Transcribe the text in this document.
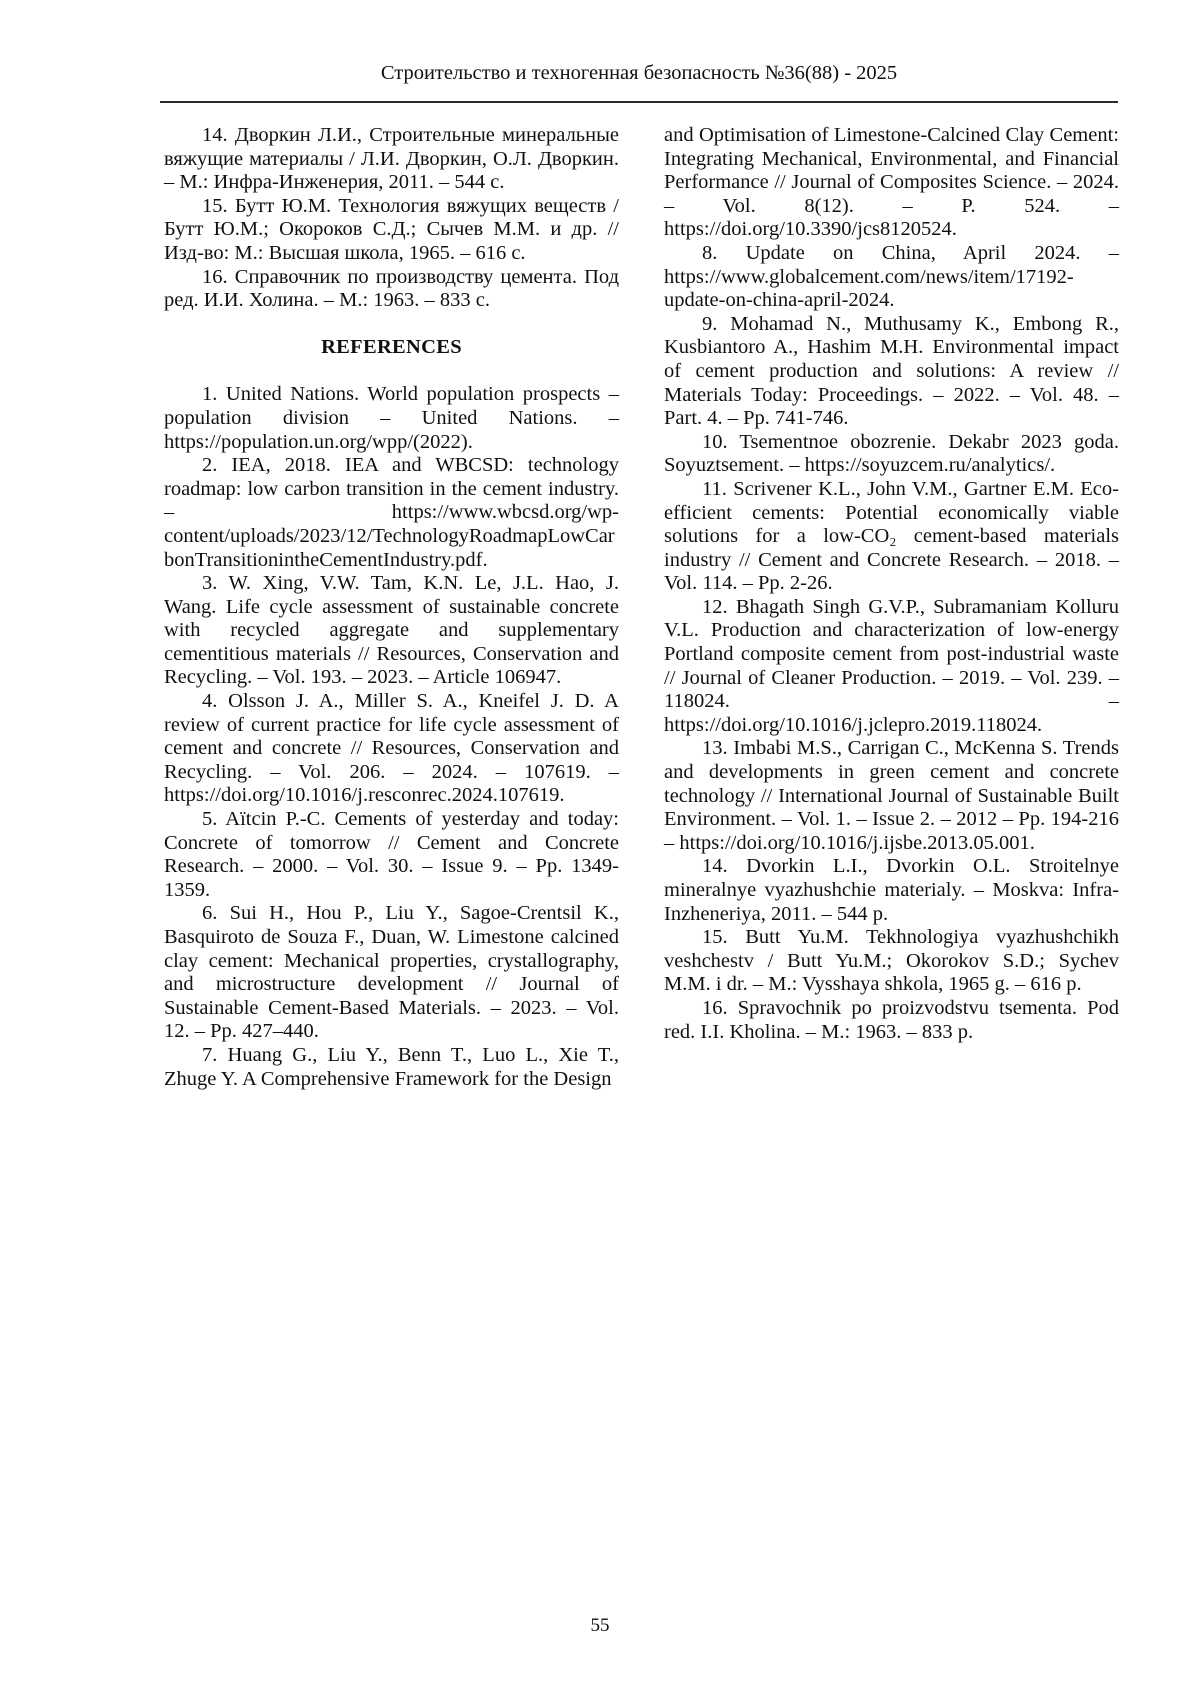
Строительство и техногенная безопасность №36(88) - 2025

14. Дворкин Л.И., Строительные минеральные вяжущие материалы / Л.И. Дворкин, О.Л. Дворкин. – М.: Инфра-Инженерия, 2011. – 544 с.

15. Бутт Ю.М. Технология вяжущих веществ / Бутт Ю.М.; Окороков С.Д.; Сычев М.М. и др. // Изд-во: М.: Высшая школа, 1965. – 616 с.

16. Справочник по производству цемента. Под ред. И.И. Холина. – М.: 1963. – 833 с.

REFERENCES

1. United Nations. World population prospects – population division – United Nations. – https://population.un.org/wpp/(2022).

2. IEA, 2018. IEA and WBCSD: technology roadmap: low carbon transition in the cement industry. – https://www.wbcsd.org/wp-content/uploads/2023/12/TechnologyRoadmapLowCarbonTransitionintheCementIndustry.pdf.

3. W. Xing, V.W. Tam, K.N. Le, J.L. Hao, J. Wang. Life cycle assessment of sustainable concrete with recycled aggregate and supplementary cementitious materials // Resources, Conservation and Recycling. – Vol. 193. – 2023. – Article 106947.

4. Olsson J. A., Miller S. A., Kneifel J. D. A review of current practice for life cycle assessment of cement and concrete // Resources, Conservation and Recycling. – Vol. 206. – 2024. – 107619. – https://doi.org/10.1016/j.resconrec.2024.107619.

5. Aïtcin P.-C. Cements of yesterday and today: Concrete of tomorrow // Cement and Concrete Research. – 2000. – Vol. 30. – Issue 9. – Pp. 1349-1359.

6. Sui H., Hou P., Liu Y., Sagoe-Crentsil K., Basquiroto de Souza F., Duan, W. Limestone calcined clay cement: Mechanical properties, crystallography, and microstructure development // Journal of Sustainable Cement-Based Materials. – 2023. – Vol. 12. – Pp. 427–440.

7. Huang G., Liu Y., Benn T., Luo L., Xie T., Zhuge Y. A Comprehensive Framework for the Design

and Optimisation of Limestone-Calcined Clay Cement: Integrating Mechanical, Environmental, and Financial Performance // Journal of Composites Science. – 2024. – Vol. 8(12). – P. 524. – https://doi.org/10.3390/jcs8120524.

8. Update on China, April 2024. – https://www.globalcement.com/news/item/17192-update-on-china-april-2024.

9. Mohamad N., Muthusamy K., Embong R., Kusbiantoro A., Hashim M.H. Environmental impact of cement production and solutions: A review // Materials Today: Proceedings. – 2022. – Vol. 48. – Part. 4. – Pp. 741-746.

10. Tsementnoe obozrenie. Dekabr 2023 goda. Soyuztsement. – https://soyuzcem.ru/analytics/.

11. Scrivener K.L., John V.M., Gartner E.M. Eco-efficient cements: Potential economically viable solutions for a low-CO₂ cement-based materials industry // Cement and Concrete Research. – 2018. – Vol. 114. – Pp. 2-26.

12. Bhagath Singh G.V.P., Subramaniam Kolluru V.L. Production and characterization of low-energy Portland composite cement from post-industrial waste // Journal of Cleaner Production. – 2019. – Vol. 239. – 118024. – https://doi.org/10.1016/j.jclepro.2019.118024.

13. Imbabi M.S., Carrigan C., McKenna S. Trends and developments in green cement and concrete technology // International Journal of Sustainable Built Environment. – Vol. 1. – Issue 2. – 2012 – Pp. 194-216 – https://doi.org/10.1016/j.ijsbe.2013.05.001.

14. Dvorkin L.I., Dvorkin O.L. Stroitelnye mineralnye vyazhushchie materialy. – Moskva: Infra-Inzheneriya, 2011. – 544 p.

15. Butt Yu.M. Tekhnologiya vyazhushchikh veshchestv / Butt Yu.M.; Okorokov S.D.; Sychev M.M. i dr. – M.: Vysshaya shkola, 1965 g. – 616 p.

16. Spravochnik po proizvodstvu tsementa. Pod red. I.I. Kholina. – M.: 1963. – 833 p.

55
